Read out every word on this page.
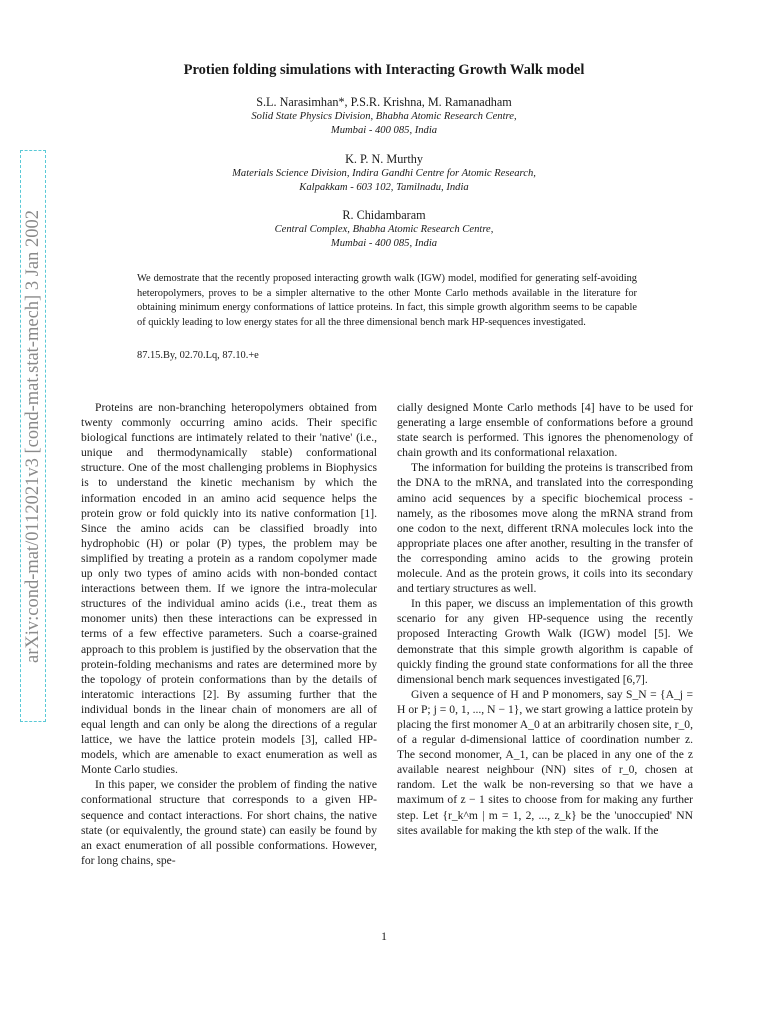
arXiv:cond-mat/0112021v3 [cond-mat.stat-mech] 3 Jan 2002
Protien folding simulations with Interacting Growth Walk model
S.L. Narasimhan*, P.S.R. Krishna, M. Ramanadham
Solid State Physics Division, Bhabha Atomic Research Centre,
Mumbai - 400 085, India
K. P. N. Murthy
Materials Science Division, Indira Gandhi Centre for Atomic Research,
Kalpakkam - 603 102, Tamilnadu, India
R. Chidambaram
Central Complex, Bhabha Atomic Research Centre,
Mumbai - 400 085, India
We demostrate that the recently proposed interacting growth walk (IGW) model, modified for generating self-avoiding heteropolymers, proves to be a simpler alternative to the other Monte Carlo methods available in the literature for obtaining minimum energy conformations of lattice proteins. In fact, this simple growth algorithm seems to be capable of quickly leading to low energy states for all the three dimensional bench mark HP-sequences investigated.
87.15.By, 02.70.Lq, 87.10.+e

Proteins are non-branching heteropolymers obtained from twenty commonly occurring amino acids. Their specific biological functions are intimately related to their 'native' (i.e., unique and thermodynamically stable) conformational structure. One of the most challenging problems in Biophysics is to understand the kinetic mechanism by which the information encoded in an amino acid sequence helps the protein grow or fold quickly into its native conformation [1]. Since the amino acids can be classified broadly into hydrophobic (H) or polar (P) types, the problem may be simplified by treating a protein as a random copolymer made up only two types of amino acids with non-bonded contact interactions between them. If we ignore the intra-molecular structures of the individual amino acids (i.e., treat them as monomer units) then these interactions can be expressed in terms of a few effective parameters. Such a coarse-grained approach to this problem is justified by the observation that the protein-folding mechanisms and rates are determined more by the topology of protein conformations than by the details of interatomic interactions [2]. By assuming further that the individual bonds in the linear chain of monomers are all of equal length and can only be along the directions of a regular lattice, we have the lattice protein models [3], called HP-models, which are amenable to exact enumeration as well as Monte Carlo studies.

In this paper, we consider the problem of finding the native conformational structure that corresponds to a given HP-sequence and contact interactions. For short chains, the native state (or equivalently, the ground state) can easily be found by an exact enumeration of all possible conformations. However, for long chains, spe-

cially designed Monte Carlo methods [4] have to be used for generating a large ensemble of conformations before a ground state search is performed. This ignores the phenomenology of chain growth and its conformational relaxation.

The information for building the proteins is transcribed from the DNA to the mRNA, and translated into the corresponding amino acid sequences by a specific biochemical process - namely, as the ribosomes move along the mRNA strand from one codon to the next, different tRNA molecules lock into the appropriate places one after another, resulting in the transfer of the corresponding amino acids to the growing protein molecule. And as the protein grows, it coils into its secondary and tertiary structures as well.

In this paper, we discuss an implementation of this growth scenario for any given HP-sequence using the recently proposed Interacting Growth Walk (IGW) model [5]. We demonstrate that this simple growth algorithm is capable of quickly finding the ground state conformations for all the three dimensional bench mark sequences investigated [6,7].

Given a sequence of H and P monomers, say S_N = {A_j = H or P; j = 0, 1, ..., N − 1}, we start growing a lattice protein by placing the first monomer A_0 at an arbitrarily chosen site, r_0, of a regular d-dimensional lattice of coordination number z. The second monomer, A_1, can be placed in any one of the z available nearest neighbour (NN) sites of r_0, chosen at random. Let the walk be non-reversing so that we have a maximum of z − 1 sites to choose from for making any further step. Let {r_k^m | m = 1, 2, ..., z_k} be the 'unoccupied' NN sites available for making the kth step of the walk. If the

1
